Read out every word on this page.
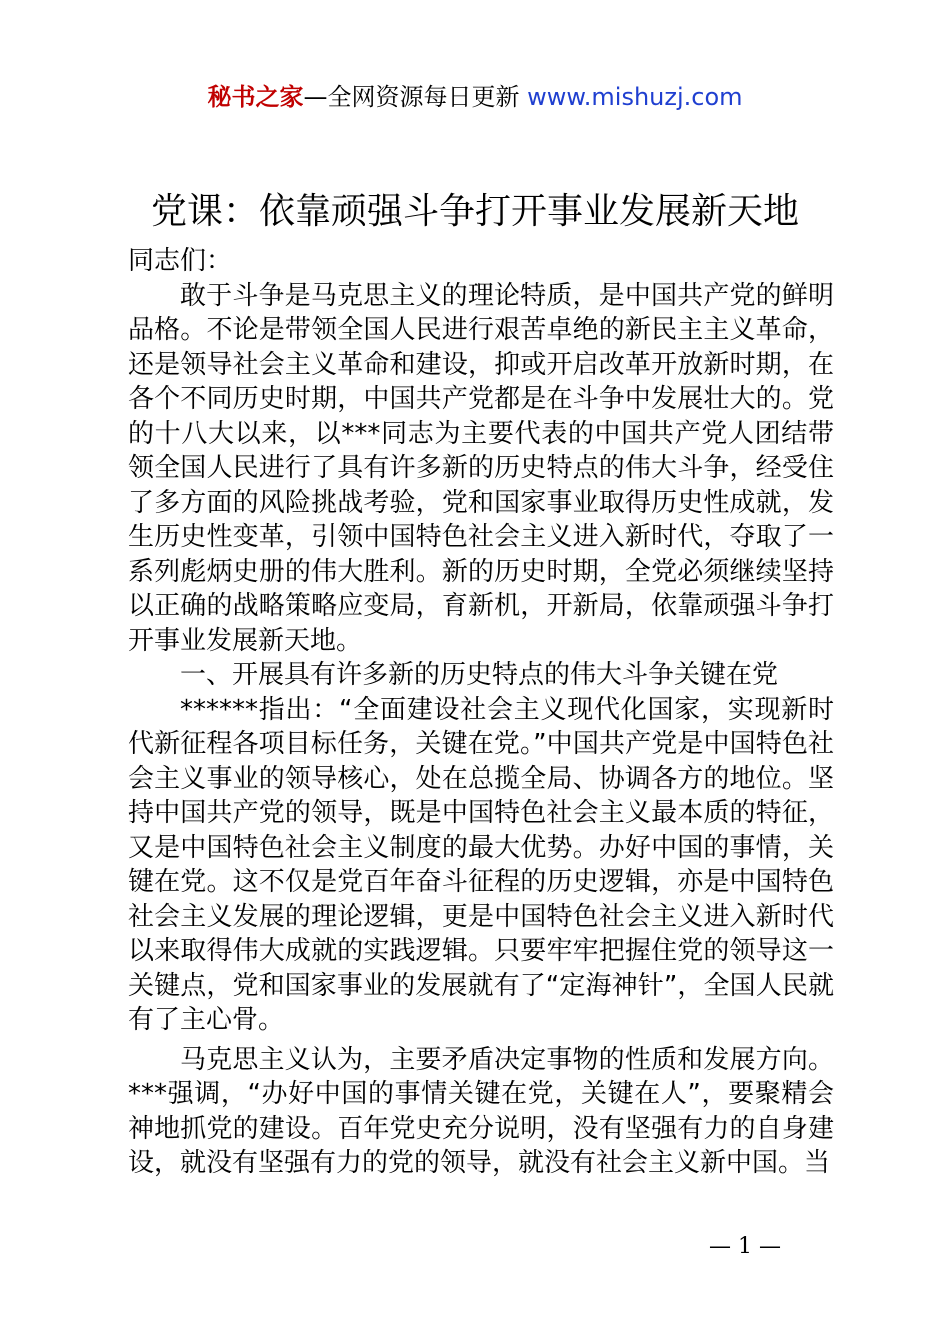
秘书之家—全网资源每日更新 www.mishuzj.com
党课：依靠顽强斗争打开事业发展新天地

同志们：

敢于斗争是马克思主义的理论特质，是中国共产党的鲜明品格。不论是带领全国人民进行艰苦卓绝的新民主主义革命，还是领导社会主义革命和建设，抑或开启改革开放新时期，在各个不同历史时期，中国共产党都是在斗争中发展壮大的。党的十八大以来，以***同志为主要代表的中国共产党人团结带领全国人民进行了具有许多新的历史特点的伟大斗争，经受住了多方面的风险挑战考验，党和国家事业取得历史性成就，发生历史性变革，引领中国特色社会主义进入新时代，夺取了一系列彪炳史册的伟大胜利。新的历史时期，全党必须继续坚持以正确的战略策略应变局，育新机，开新局，依靠顽强斗争打开事业发展新天地。

一、开展具有许多新的历史特点的伟大斗争关键在党

******指出：“全面建设社会主义现代化国家，实现新时代新征程各项目标任务，关键在党。”中国共产党是中国特色社会主义事业的领导核心，处在总揽全局、协调各方的地位。坚持中国共产党的领导，既是中国特色社会主义最本质的特征，又是中国特色社会主义制度的最大优势。办好中国的事情，关键在党。这不仅是党百年奋斗征程的历史逻辑，亦是中国特色社会主义发展的理论逻辑，更是中国特色社会主义进入新时代以来取得伟大成就的实践逻辑。只要牢牢把握住党的领导这一关键点，党和国家事业的发展就有了“定海神针”，全国人民就有了主心骨。

马克思主义认为，主要矛盾决定事物的性质和发展方向。***强调，“办好中国的事情关键在党，关键在人”，要聚精会神地抓党的建设。百年党史充分说明，没有坚强有力的自身建设，就没有坚强有力的党的领导，就没有社会主义新中国。当

— 1 —
